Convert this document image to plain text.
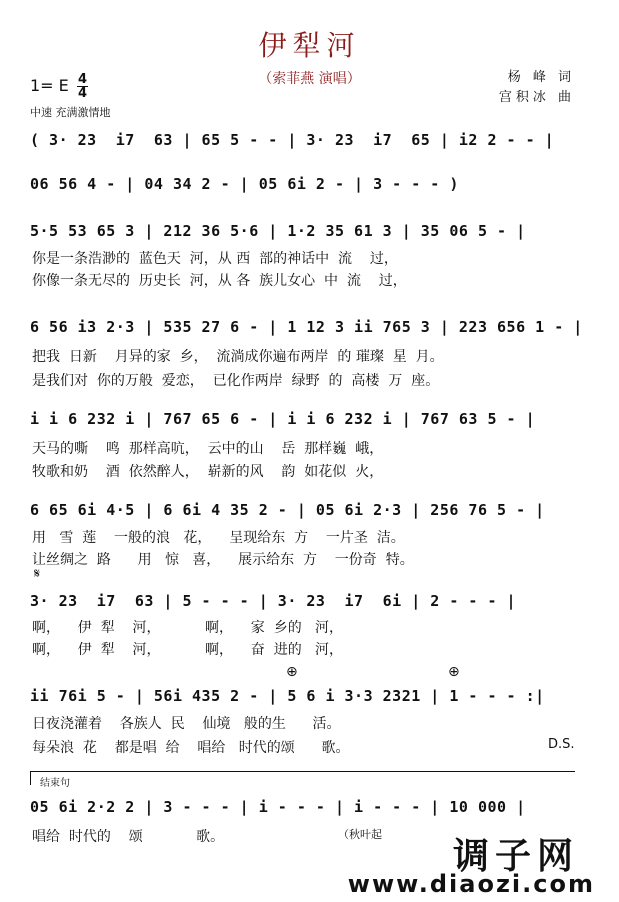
伊犁河
（索菲燕 演唱）	杨 峰 词
宫积冰 曲
1= E 4
4
中速 充满激情地
( 3· 23  i7  63 | 65 5 - - | 3· 23  i7  65 | i2 2 - - |
06 56 4 - | 04 34 2 - | 05 6i 2 - | 3 - - - )
5·5 53 65 3 | 212 36 5·6 | 1·2 35 61 3 | 35 06 5 - |
你是一条浩渺的  蓝色天  河，从 西  部的神话中  流    过，
你像一条无尽的  历史长  河，从 各  族儿女心  中  流    过，
6 56 i3 2·3 | 535 27 6 - | 1 12 3 ii 765 3 | 223 656 1 - |
把我  日新    月异的家  乡，  流淌成你遍布两岸  的 璀璨  星  月。
是我们对  你的万般  爱恋，  已化作两岸  绿野  的  高楼  万  座。
i i 6 232 i | 767 65 6 - | i i 6 232 i | 767 63 5 - |
天马的嘶    鸣  那样高吭，  云中的山    岳  那样巍  峨，
牧歌和奶    酒  依然醉人，  崭新的风    韵  如花似  火，
6 65 6i 4·5 | 6 6i 4 35 2 - | 05 6i 2·3 | 256 76 5 - |
用   雪  莲    一般的浪   花，    呈现给东  方    一片圣  洁。
让丝绸之  路      用   惊   喜，    展示给东  方    一份奇  特。
𝄋
3· 23  i7  63 | 5 - - - | 3· 23  i7  6i | 2 - - - |
啊，    伊  犁    河，          啊，    家  乡的   河，
啊，    伊  犁    河，          啊，    奋  进的   河，
⊕	⊕
ii 76i 5 - | 56i 435 2 - | 5 6 i 3·3 2321 | 1 - - - :|
日夜浇灌着    各族人  民    仙境   般的生      活。
每朵浪  花    都是唱  给    唱给   时代的颂      歌。	D.S.
结束句
05 6i 2·2 2 | 3 - - - | i - - - | i - - - | 10 000 |
唱给  时代的    颂            歌。	（秋叶起
调子网
www.diaozi.com
